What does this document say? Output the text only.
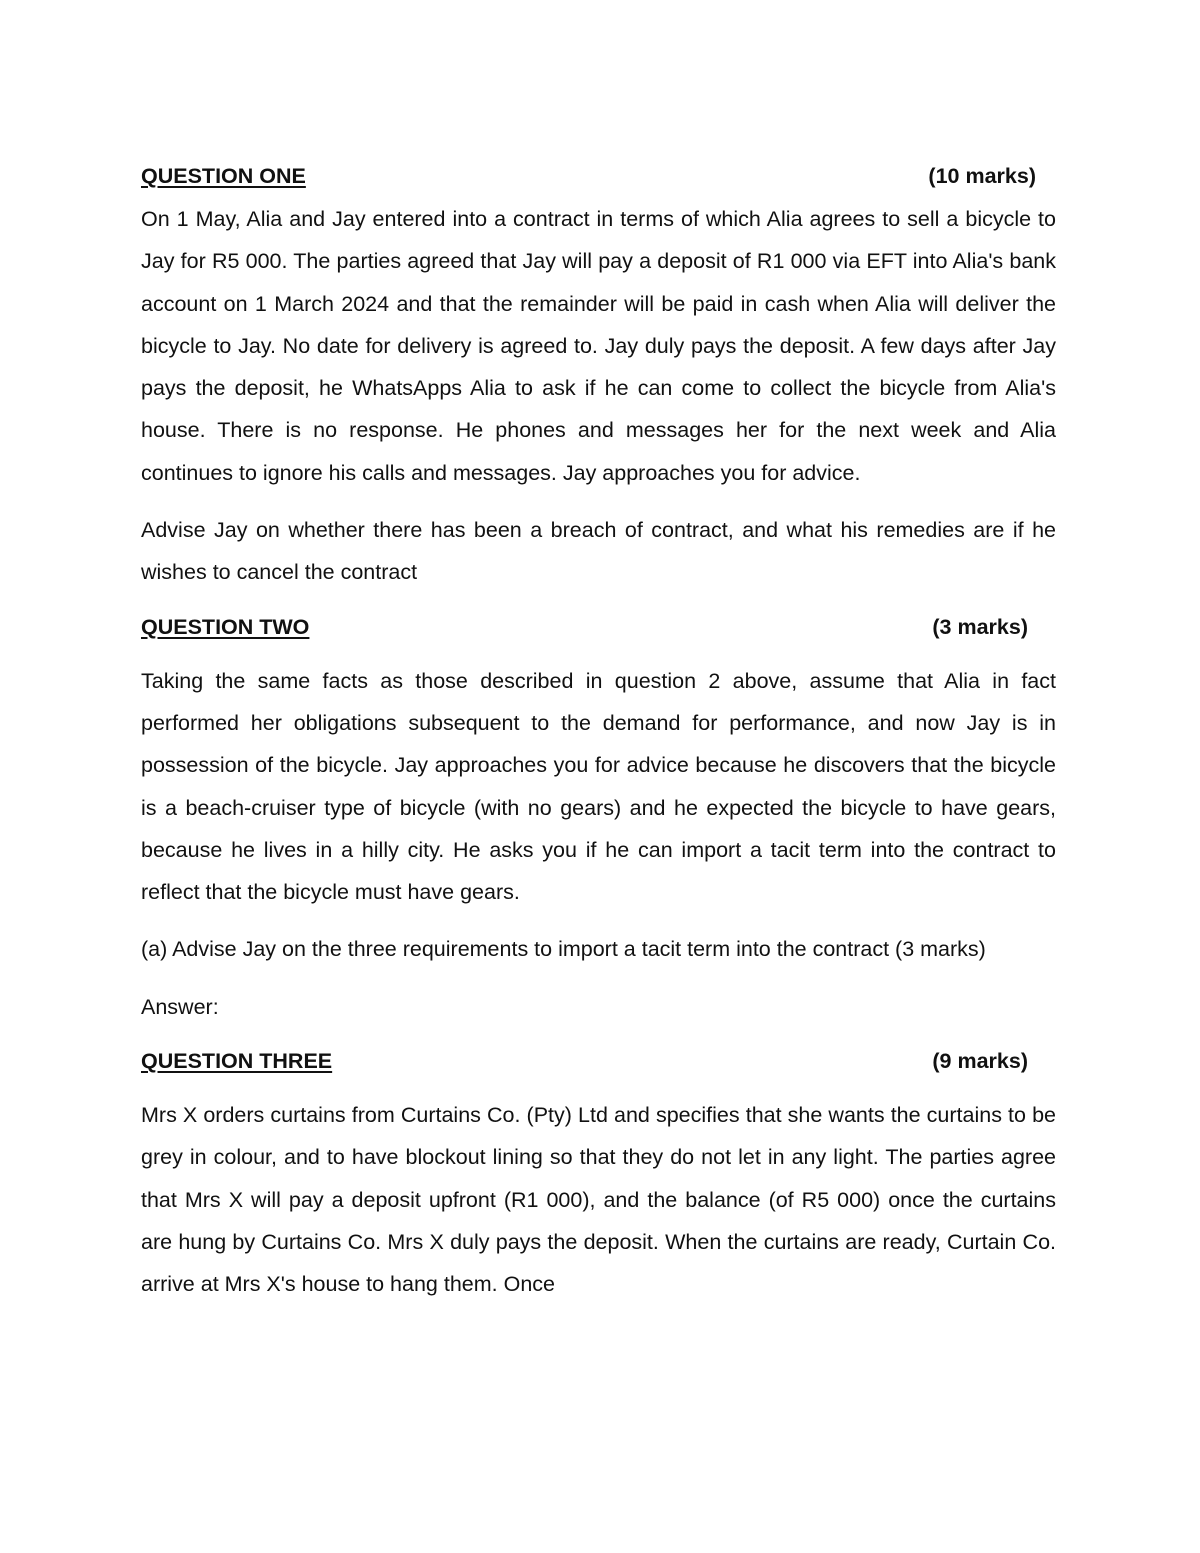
QUESTION ONE	(10 marks)

On 1 May, Alia and Jay entered into a contract in terms of which Alia agrees to sell a bicycle to Jay for R5 000. The parties agreed that Jay will pay a deposit of R1 000 via EFT into Alia's bank account on 1 March 2024 and that the remainder will be paid in cash when Alia will deliver the bicycle to Jay. No date for delivery is agreed to. Jay duly pays the deposit. A few days after Jay pays the deposit, he WhatsApps Alia to ask if he can come to collect the bicycle from Alia's house. There is no response. He phones and messages her for the next week and Alia continues to ignore his calls and messages. Jay approaches you for advice.

Advise Jay on whether there has been a breach of contract, and what his remedies are if he wishes to cancel the contract

QUESTION TWO	(3 marks)

Taking the same facts as those described in question 2 above, assume that Alia in fact performed her obligations subsequent to the demand for performance, and now Jay is in possession of the bicycle. Jay approaches you for advice because he discovers that the bicycle is a beach-cruiser type of bicycle (with no gears) and he expected the bicycle to have gears, because he lives in a hilly city. He asks you if he can import a tacit term into the contract to reflect that the bicycle must have gears.

(a) Advise Jay on the three requirements to import a tacit term into the contract (3 marks)

Answer:

QUESTION THREE	(9 marks)

Mrs X orders curtains from Curtains Co. (Pty) Ltd and specifies that she wants the curtains to be grey in colour, and to have blockout lining so that they do not let in any light. The parties agree that Mrs X will pay a deposit upfront (R1 000), and the balance (of R5 000) once the curtains are hung by Curtains Co. Mrs X duly pays the deposit. When the curtains are ready, Curtain Co. arrive at Mrs X's house to hang them. Once
